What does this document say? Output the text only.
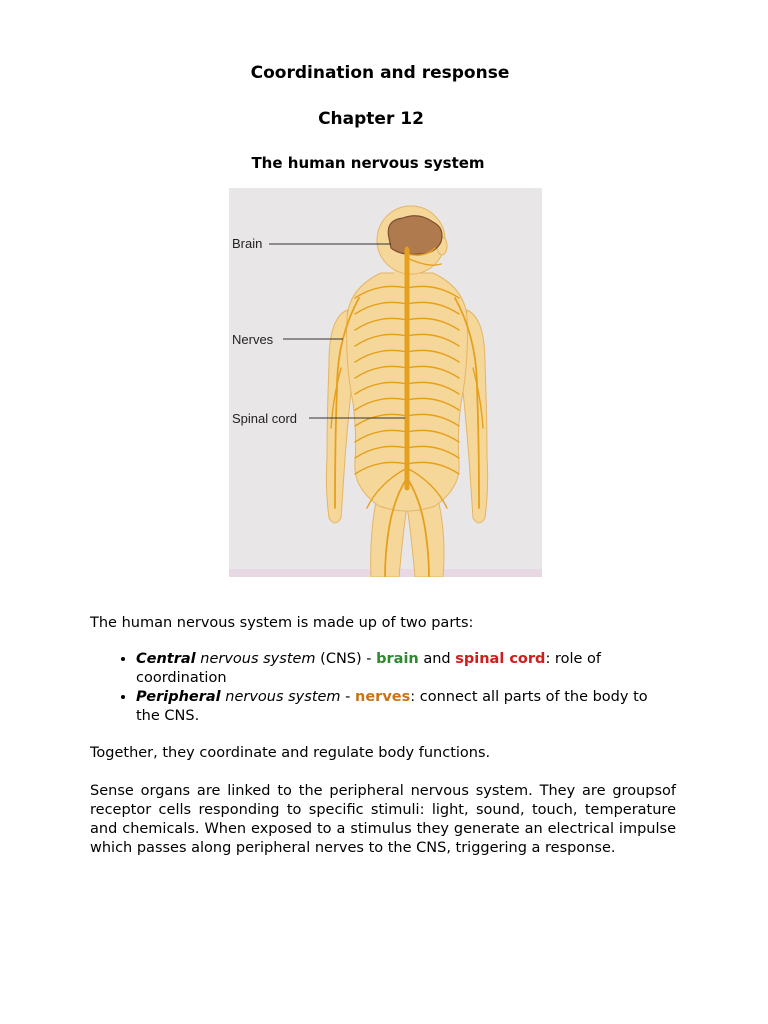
Coordination and response
Chapter 12
The human nervous system
Brain
Nerves
Spinal cord

The human nervous system is made up of two parts:

• Central nervous system (CNS) - brain and spinal cord: role of coordination
• Peripheral nervous system - nerves: connect all parts of the body to the CNS.

Together, they coordinate and regulate body functions.

Sense organs are linked to the peripheral nervous system. They are groupsof receptor cells responding to specific stimuli: light, sound, touch, temperature and chemicals. When exposed to a stimulus they generate an electrical impulse which passes along peripheral nerves to the CNS, triggering a response.
